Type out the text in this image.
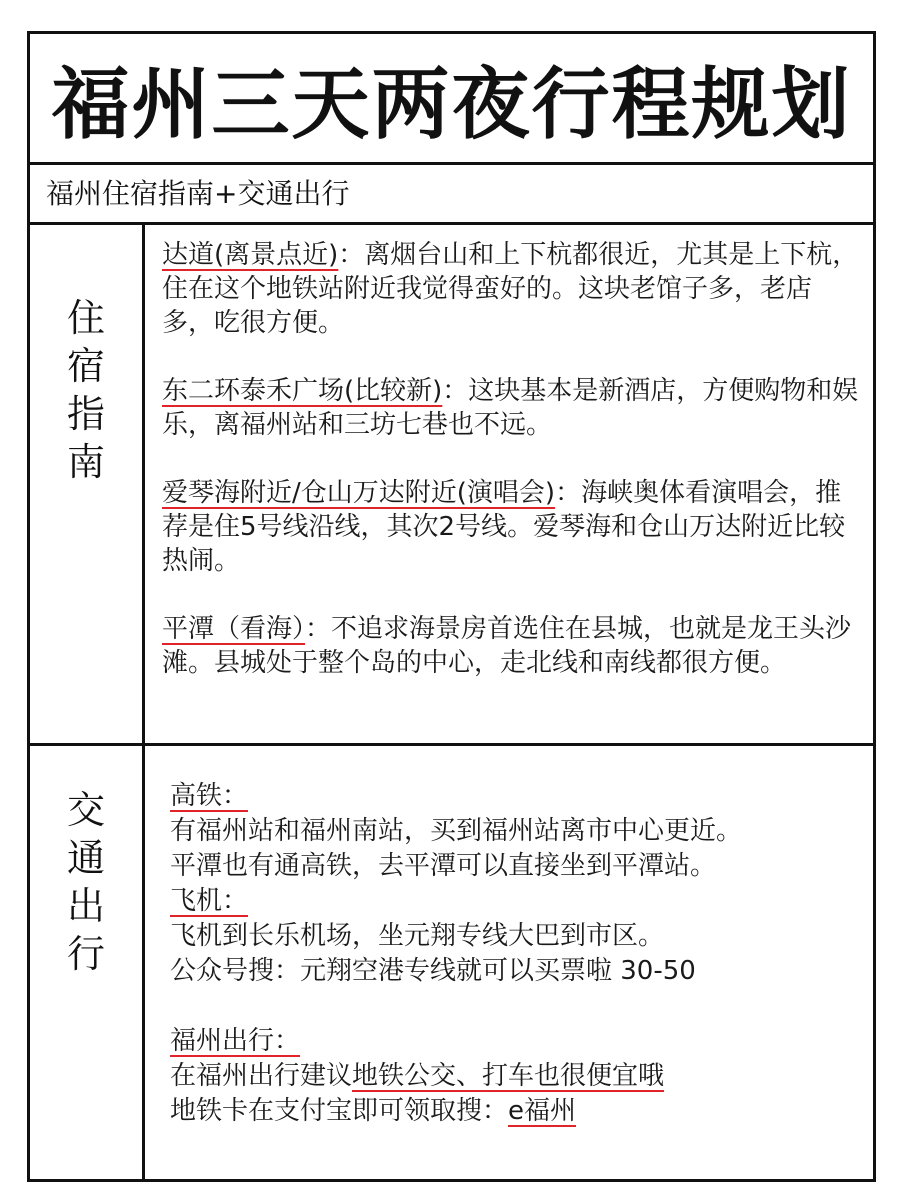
福州三天两夜行程规划
福州住宿指南+交通出行
住
宿
指
南

达道(离景点近)：离烟台山和上下杭都很近，尤其是上下杭，住在这个地铁站附近我觉得蛮好的。这块老馆子多，老店多，吃很方便。

东二环泰禾广场(比较新)：这块基本是新酒店，方便购物和娱乐，离福州站和三坊七巷也不远。

爱琴海附近/仓山万达附近(演唱会)：海峡奥体看演唱会，推荐是住5号线沿线，其次2号线。爱琴海和仓山万达附近比较热闹。

平潭（看海）：不追求海景房首选住在县城，也就是龙王头沙滩。县城处于整个岛的中心，走北线和南线都很方便。

交
通
出
行
高铁：
有福州站和福州南站，买到福州站离市中心更近。
平潭也有通高铁，去平潭可以直接坐到平潭站。
飞机：
飞机到长乐机场，坐元翔专线大巴到市区。
公众号搜：元翔空港专线就可以买票啦 30-50
福州出行：
在福州出行建议地铁公交、打车也很便宜哦
地铁卡在支付宝即可领取搜：e福州
